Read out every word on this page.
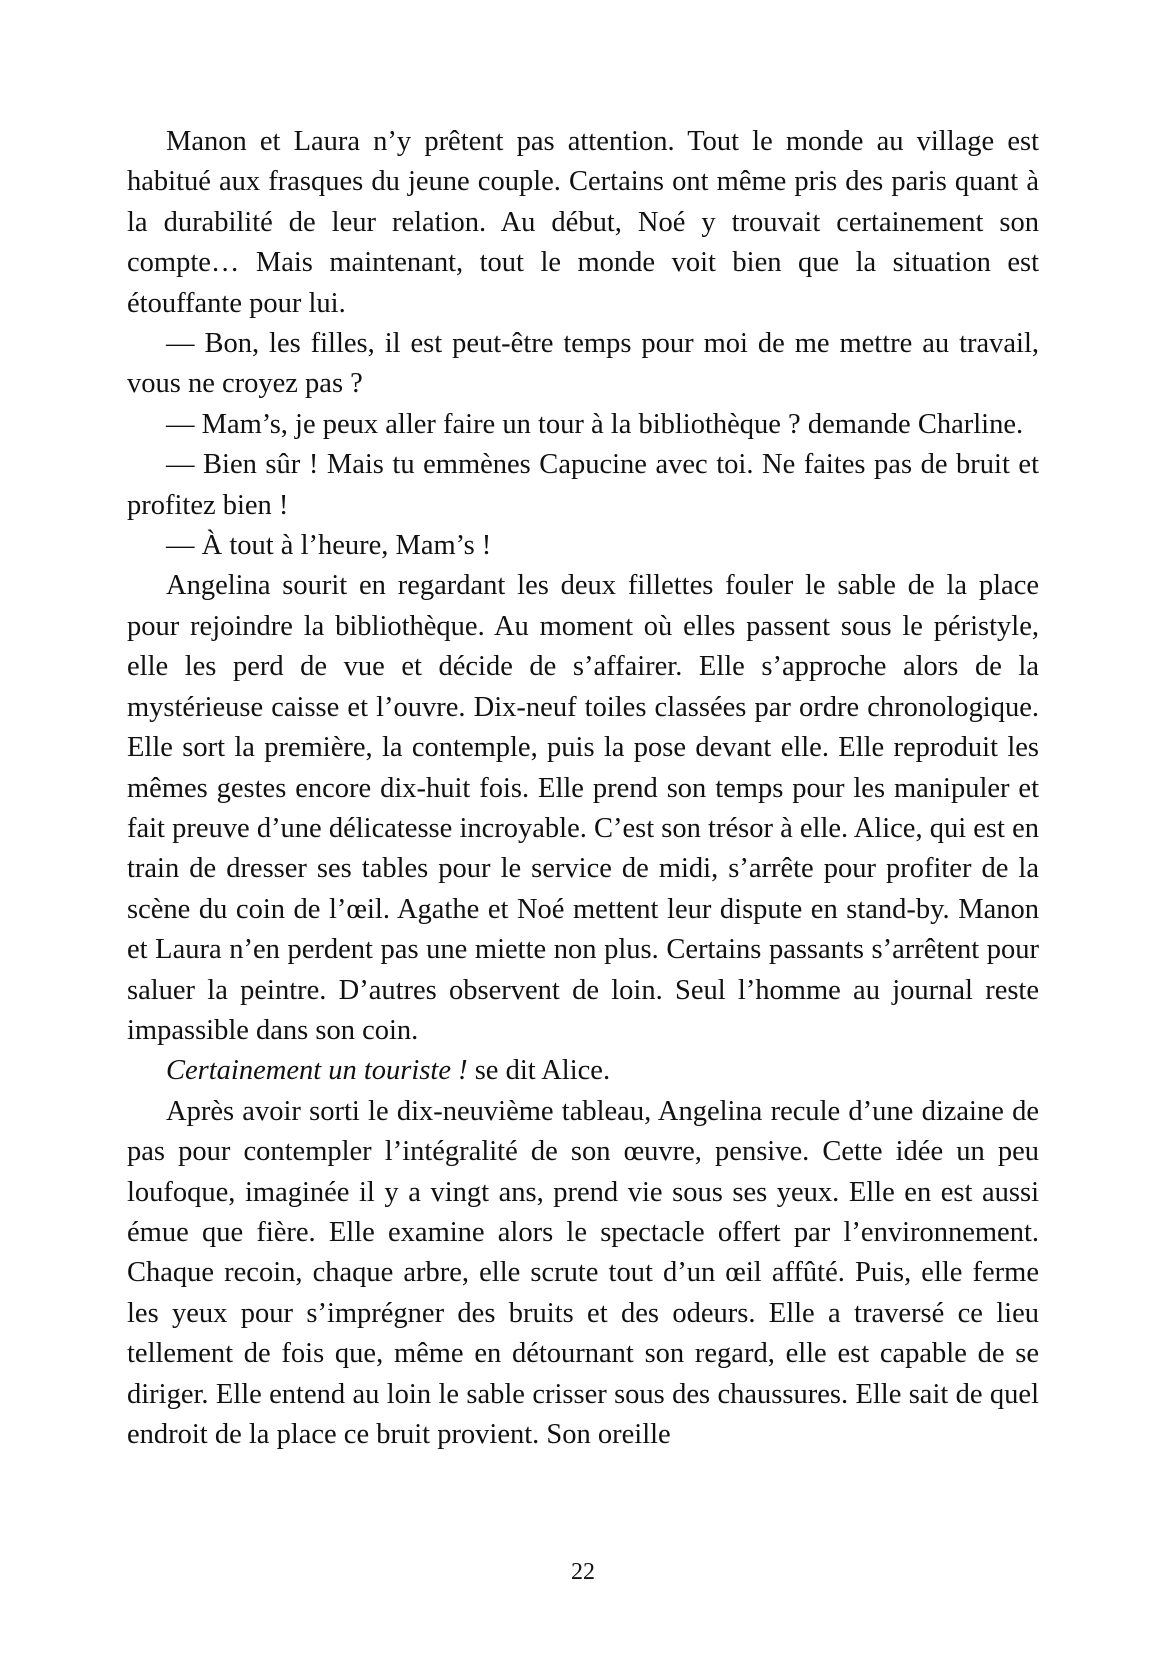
Manon et Laura n’y prêtent pas attention. Tout le monde au village est habitué aux frasques du jeune couple. Certains ont même pris des paris quant à la durabilité de leur relation. Au début, Noé y trouvait certainement son compte… Mais maintenant, tout le monde voit bien que la situation est étouffante pour lui.

— Bon, les filles, il est peut-être temps pour moi de me mettre au travail, vous ne croyez pas ?

— Mam’s, je peux aller faire un tour à la bibliothèque ? demande Charline.

— Bien sûr ! Mais tu emmènes Capucine avec toi. Ne faites pas de bruit et profitez bien !

— À tout à l’heure, Mam’s !

Angelina sourit en regardant les deux fillettes fouler le sable de la place pour rejoindre la bibliothèque. Au moment où elles passent sous le péristyle, elle les perd de vue et décide de s’affairer. Elle s’approche alors de la mystérieuse caisse et l’ouvre. Dix-neuf toiles classées par ordre chronologique. Elle sort la première, la contemple, puis la pose devant elle. Elle reproduit les mêmes gestes encore dix-huit fois. Elle prend son temps pour les manipuler et fait preuve d’une délicatesse incroyable. C’est son trésor à elle. Alice, qui est en train de dresser ses tables pour le service de midi, s’arrête pour profiter de la scène du coin de l’œil. Agathe et Noé mettent leur dispute en stand-by. Manon et Laura n’en perdent pas une miette non plus. Certains passants s’arrêtent pour saluer la peintre. D’autres observent de loin. Seul l’homme au journal reste impassible dans son coin.

Certainement un touriste ! se dit Alice.

Après avoir sorti le dix-neuvième tableau, Angelina recule d’une dizaine de pas pour contempler l’intégralité de son œuvre, pensive. Cette idée un peu loufoque, imaginée il y a vingt ans, prend vie sous ses yeux. Elle en est aussi émue que fière. Elle examine alors le spectacle offert par l’environnement. Chaque recoin, chaque arbre, elle scrute tout d’un œil affûté. Puis, elle ferme les yeux pour s’imprégner des bruits et des odeurs. Elle a traversé ce lieu tellement de fois que, même en détournant son regard, elle est capable de se diriger. Elle entend au loin le sable crisser sous des chaussures. Elle sait de quel endroit de la place ce bruit provient. Son oreille

22
